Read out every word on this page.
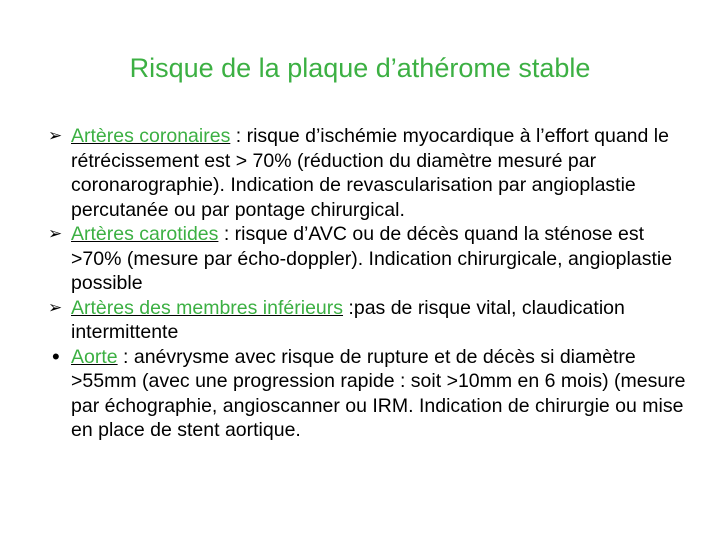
Risque de la plaque d’athérome stable
➢ Artères coronaires : risque d’ischémie myocardique à l’effort quand le rétrécissement est > 70% (réduction du diamètre mesuré par coronarographie). Indication de revascularisation par angioplastie percutanée ou par pontage chirurgical.
➢ Artères carotides : risque d’AVC ou de décès quand la sténose est >70% (mesure par écho-doppler). Indication chirurgicale, angioplastie possible
➢ Artères des membres inférieurs :pas de risque vital, claudication intermittente
• Aorte : anévrysme avec risque de rupture et de décès si diamètre >55mm (avec une progression rapide : soit >10mm en 6 mois) (mesure par échographie, angioscanner ou IRM. Indication de chirurgie ou mise en place de stent aortique.
